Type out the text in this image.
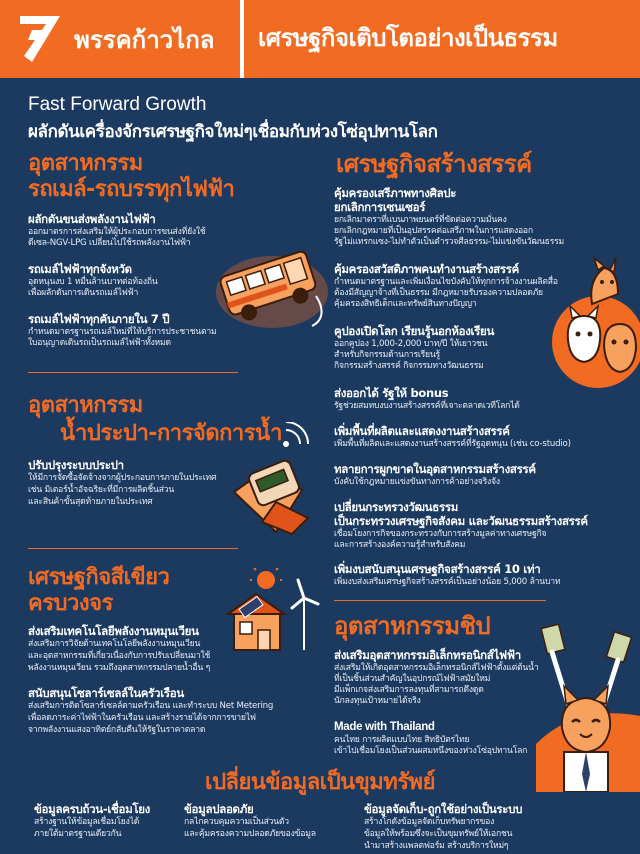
พรรคก้าวไกล เศรษฐกิจเติบโตอย่างเป็นธรรม
Fast Forward Growth
ผลักดันเครื่องจักรเศรษฐกิจใหม่ๆเชื่อมกับห่วงโซ่อุปทานโลก
อุตสาหกรรม
รถเมล์-รถบรรทุกไฟฟ้า
ผลักดันขนส่งพลังงานไฟฟ้า
ออกมาตรการส่งเสริมให้ผู้ประกอบการขนส่งที่ยังใช้
ดีเซล-NGV-LPG เปลี่ยนไปใช้รถพลังงานไฟฟ้า
รถเมล์ไฟฟ้าทุกจังหวัด
อุดหนุนงบ 1 หมื่นล้านบาทต่อท้องถิ่น
เพื่อผลักดันการเดินรถเมล์ไฟฟ้า
รถเมล์ไฟฟ้าทุกคันภายใน 7 ปี
กำหนดมาตรฐานรถเมล์ใหม่ที่ให้บริการประชาชนตาม
ใบอนุญาตเดินรถเป็นรถเมล์ไฟฟ้าทั้งหมด
อุตสาหกรรม
น้ำประปา-การจัดการน้ำ
ปรับปรุงระบบประปา
ให้มีการจัดซื้อจัดจ้างจากผู้ประกอบการภายในประเทศ
เช่น มิเตอร์น้ำอัจฉริยะที่มีการผลิตชิ้นส่วน
และสินค้าขั้นสุดท้ายภายในประเทศ
เศรษฐกิจสีเขียว
ครบวงจร
ส่งเสริมเทคโนโลยีพลังงานหมุนเวียน
ส่งเสริมการวิจัยด้านเทคโนโลยีพลังงานหมุนเวียน
และอุตสาหกรรมที่เกี่ยวเนื่องกับการปรับเปลี่ยนมาใช้
พลังงานหมุนเวียน รวมถึงอุตสาหกรรมปลายน้ำอื่น ๆ
สนับสนุนโซลาร์เซลล์ในครัวเรือน
ส่งเสริมการติดโซลาร์เซลล์ตามครัวเรือน และทำระบบ Net Metering
เพื่อลดภาระค่าไฟฟ้าในครัวเรือน และสร้างรายได้จากการขายไฟ
จากพลังงานแสงอาทิตย์กลับคืนให้รัฐในราคาตลาด
เศรษฐกิจสร้างสรรค์
คุ้มครองเสรีภาพทางศิลปะ
ยกเลิกการเซนเซอร์
ยกเลิกมาตราที่แบนภาพยนตร์ที่ขัดต่อความมั่นคง
ยกเลิกกฎหมายที่เป็นอุปสรรคต่อเสรีภาพในการแสดงออก
รัฐไม่แทรกแซง-ไม่ทำตัวเป็นตำรวจศีลธรรม-ไม่แข่งขันวัฒนธรรม
คุ้มครองสวัสดิภาพคนทำงานสร้างสรรค์
กำหนดมาตรฐานและเพิ่มเงื่อนไขบังคับให้ทุกการจ้างงานผลิตสื่อ
ต้องมีสัญญาจ้างที่เป็นธรรม มีกฎหมายรับรองความปลอดภัย
คุ้มครองสิทธิเด็กและทรัพย์สินทางปัญญา
คูปองเปิดโลก เรียนรู้นอกห้องเรียน
ออกคูปอง 1,000-2,000 บาท/ปี ให้เยาวชน
สำหรับกิจกรรมด้านการเรียนรู้
กิจกรรมสร้างสรรค์ กิจกรรมทางวัฒนธรรม
ส่งออกได้ รัฐให้ bonus
รัฐช่วยสมทบงบงานสร้างสรรค์ที่เจาะตลาดเวทีโลกได้
เพิ่มพื้นที่ผลิตและแสดงงานสร้างสรรค์
เพิ่มพื้นที่ผลิตและแสดงงานสร้างสรรค์ที่รัฐอุดหนุน (เช่น co-studio)
ทลายการผูกขาดในอุตสาหกรรมสร้างสรรค์
บังคับใช้กฎหมายแข่งขันทางการค้าอย่างจริงจัง
เปลี่ยนกระทรวงวัฒนธรรม
เป็นกระทรวงเศรษฐกิจสังคม และวัฒนธรรมสร้างสรรค์
เชื่อมโยงการกิจของกระทรวงกับการสร้างมูลค่าทางเศรษฐกิจ
และการสร้างองค์ความรู้สำหรับสังคม
เพิ่มงบสนับสนุนเศรษฐกิจสร้างสรรค์ 10 เท่า
เพิ่มงบส่งเสริมเศรษฐกิจสร้างสรรค์เป็นอย่างน้อย 5,000 ล้านบาท
อุตสาหกรรมชิป
ส่งเสริมอุตสาหกรรมอิเล็กทรอนิกส์ไฟฟ้า
ส่งเสริมให้เกิดอุตสาหกรรมอิเล็กทรอนิกส์ไฟฟ้าตั้งแต่ต้นน้ำ
ที่เป็นชิ้นส่วนสำคัญในอุปกรณ์ไฟฟ้าสมัยใหม่
มีแพ็กเกจส่งเสริมการลงทุนที่สามารถดึงดูด
นักลงทุนเป้าหมายได้จริง
Made with Thailand
คนไทย การผลิตแบบไทย สิทธิบัตรไทย
เข้าไปเชื่อมโยงเป็นส่วนผสมหนึ่งของห่วงโซ่อุปทานโลก
เปลี่ยนข้อมูลเป็นขุมทรัพย์
ข้อมูลครบถ้วน-เชื่อมโยง
สร้างฐานให้ข้อมูลเชื่อมโยงได้
ภายใต้มาตรฐานเดียวกัน
ข้อมูลปลอดภัย
กลไกควบคุมความเป็นส่วนตัว
และคุ้มครองความปลอดภัยของข้อมูล
ข้อมูลจัดเก็บ-ถูกใช้อย่างเป็นระบบ
สร้างโกดังข้อมูลจัดเก็บทรัพยากรของ
ข้อมูลให้พร้อมซึ่งจะเป็นขุมทรัพย์ให้เอกชน
นำมาสร้างแพลตฟอร์ม สร้างบริการใหม่ๆ
